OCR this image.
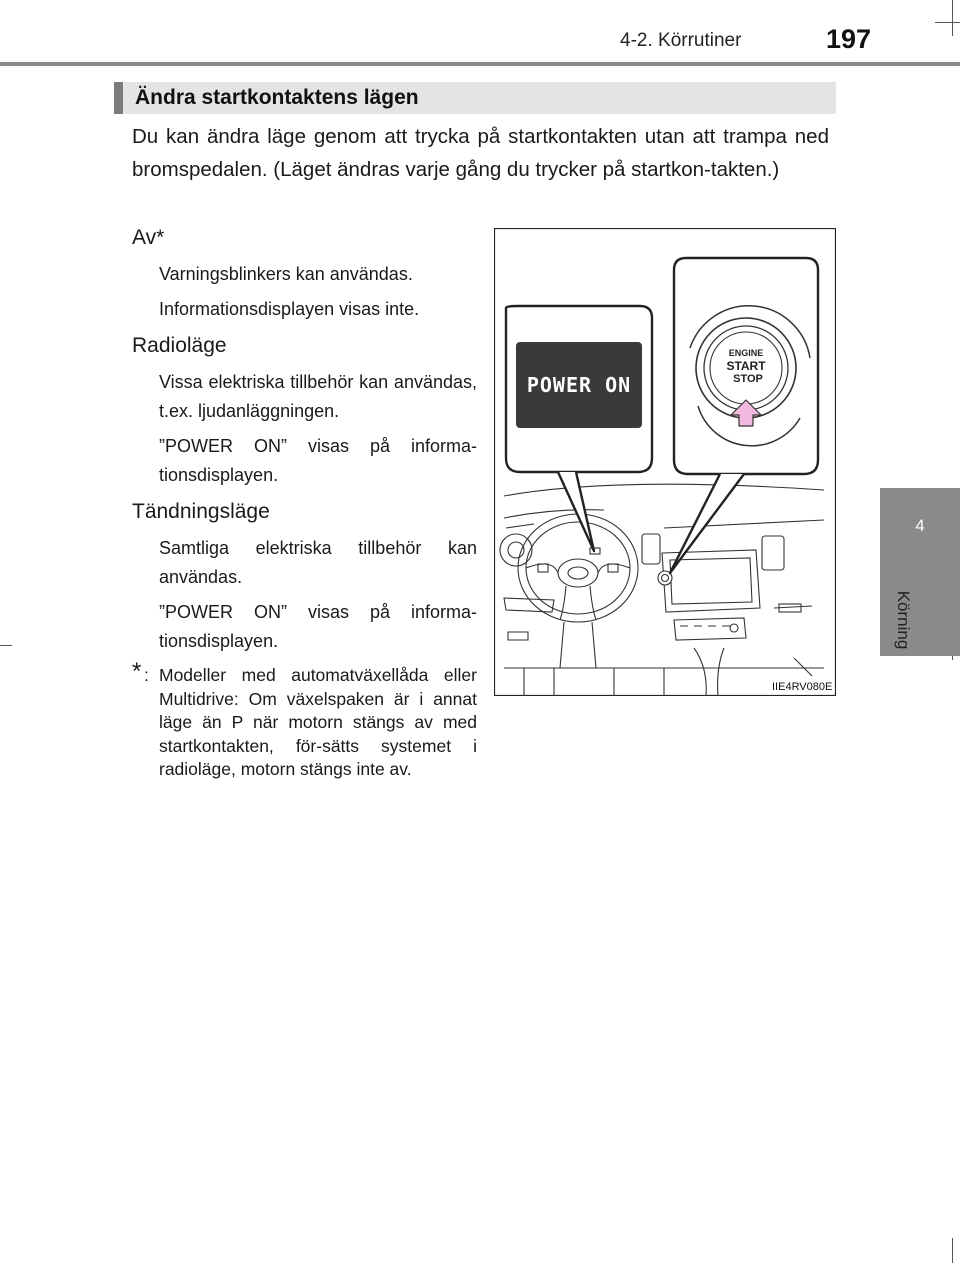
4-2. Körrutiner	197
4
Körning
Ändra startkontaktens lägen

Du kan ändra läge genom att trycka på startkontakten utan att trampa ned bromspedalen. (Läget ändras varje gång du trycker på startkon-takten.)

Av*

Varningsblinkers kan användas.

Informationsdisplayen visas inte.

Radioläge

Vissa elektriska tillbehör kan användas, t.ex. ljudanläggningen.

”POWER ON” visas på informa-tionsdisplayen.

Tändningsläge

Samtliga elektriska tillbehör kan användas.

”POWER ON” visas på informa-tionsdisplayen.

* : Modeller med automatväxellåda eller Multidrive: Om växelspaken är i annat läge än P när motorn stängs av med startkontakten, för-sätts systemet i radioläge, motorn stängs inte av.
POWER ON
ENGINE
START
STOP
IIE4RV080E
